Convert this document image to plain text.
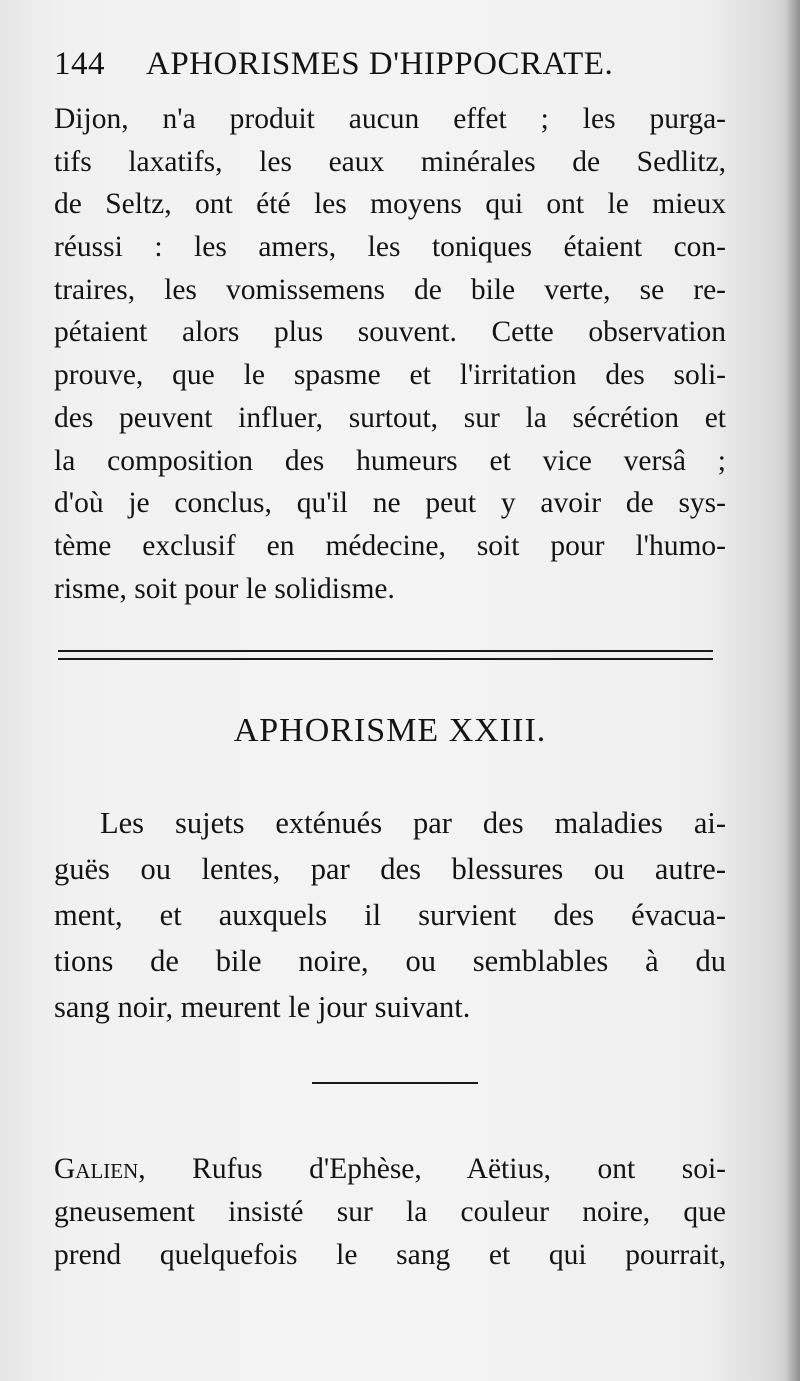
144 APHORISMES D'HIPPOCRATE.
Dijon, n'a produit aucun effet ; les purga-
tifs laxatifs, les eaux minérales de Sedlitz,
de Seltz, ont été les moyens qui ont le mieux
réussi : les amers, les toniques étaient con-
traires, les vomissemens de bile verte, se re-
pétaient alors plus souvent. Cette observation
prouve, que le spasme et l'irritation des soli-
des peuvent influer, surtout, sur la sécrétion et
la composition des humeurs et vice versâ ;
d'où je conclus, qu'il ne peut y avoir de sys-
tème exclusif en médecine, soit pour l'humo-
risme, soit pour le solidisme.
APHORISME XXIII.
Les sujets exténués par des maladies ai-
guës ou lentes, par des blessures ou autre-
ment, et auxquels il survient des évacua-
tions de bile noire, ou semblables à du
sang noir, meurent le jour suivant.
Galien, Rufus d'Ephèse, Aëtius, ont soi-
gneusement insisté sur la couleur noire, que
prend quelquefois le sang et qui pourrait,
